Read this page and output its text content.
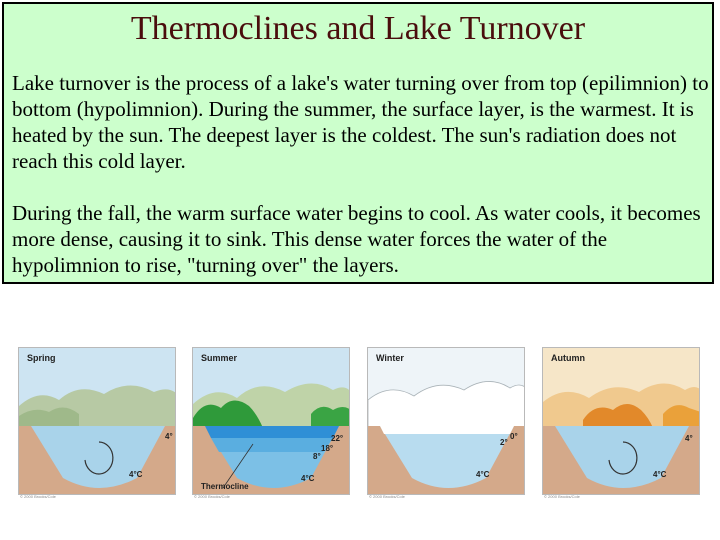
Thermoclines and Lake Turnover

Lake turnover is the process of a lake's water turning over from top (epilimnion) to bottom (hypolimnion). During the summer, the surface layer, is the warmest. It is heated by the sun. The deepest layer is the coldest. The sun's radiation does not reach this cold layer.

During the fall, the warm surface water begins to cool. As water cools, it becomes more dense, causing it to sink. This dense water forces the water of the hypolimnion to rise, "turning over" the layers.

Spring
4°
4°C
© 2000 Brooks/Cole
Summer
22°
18°
8°
4°C
Thermocline
© 2000 Brooks/Cole
Winter
2°
0°
4°C
© 2000 Brooks/Cole
Autumn
4°
4°C
© 2000 Brooks/Cole
